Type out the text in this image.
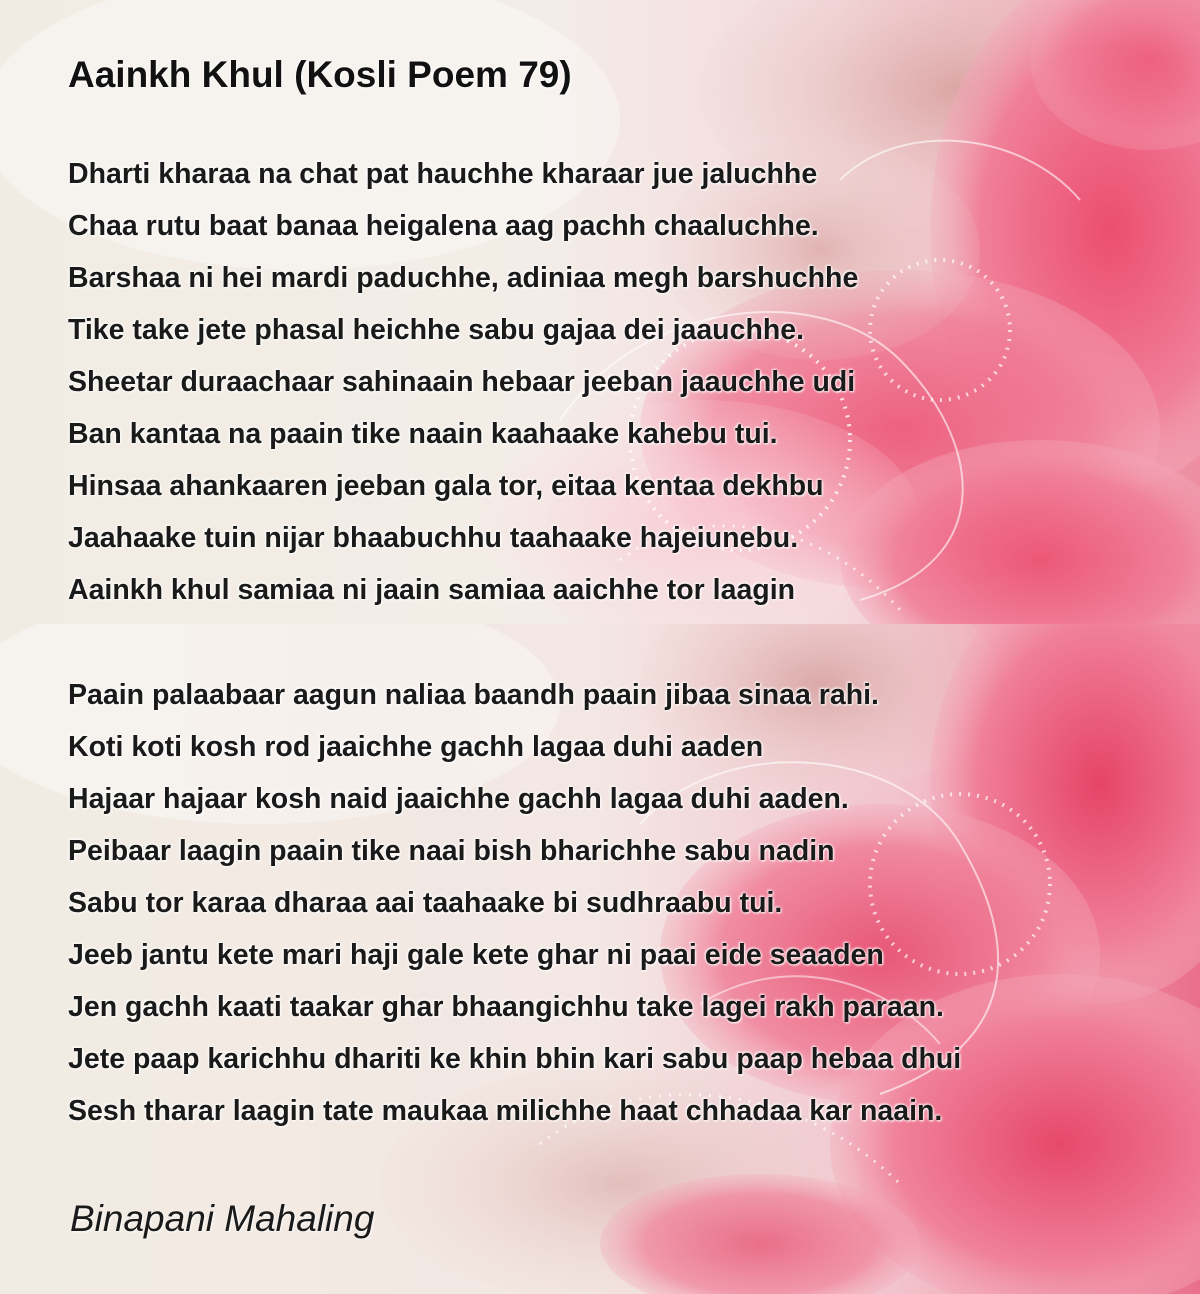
Aainkh Khul (Kosli Poem 79)
Dharti kharaa na chat pat hauchhe kharaar jue jaluchhe
Chaa rutu baat banaa heigalena aag pachh chaaluchhe.
Barshaa ni hei mardi paduchhe, adiniaa megh barshuchhe
Tike take jete phasal heichhe sabu gajaa dei jaauchhe.
Sheetar duraachaar sahinaain hebaar jeeban jaauchhe udi
Ban kantaa na paain tike naain kaahaake kahebu tui.
Hinsaa ahankaaren jeeban gala tor, eitaa kentaa dekhbu
Jaahaake tuin nijar bhaabuchhu taahaake hajeiunebu.
Aainkh khul samiaa ni jaain samiaa aaichhe tor laagin
Paain palaabaar aagun naliaa baandh paain jibaa sinaa rahi.
Koti koti kosh rod jaaichhe gachh lagaa duhi aaden
Hajaar hajaar kosh naid jaaichhe gachh lagaa duhi aaden.
Peibaar laagin paain tike naai bish bharichhe sabu nadin
Sabu tor karaa dharaa aai taahaake bi sudhraabu tui.
Jeeb jantu kete mari haji gale kete ghar ni paai eide seaaden
Jen gachh kaati taakar ghar bhaangichhu take lagei rakh paraan.
Jete paap karichhu dhariti ke khin bhin kari sabu paap hebaa dhui
Sesh tharar laagin tate maukaa milichhe haat chhadaa kar naain.

Binapani Mahaling
